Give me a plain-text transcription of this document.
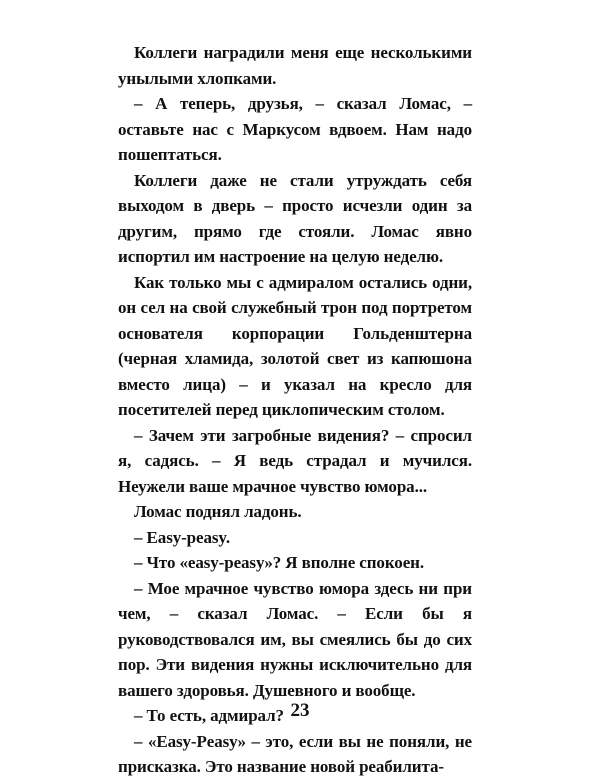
Коллеги наградили меня еще несколькими унылыми хлопками.

– А теперь, друзья, – сказал Ломас, – оставьте нас с Маркусом вдвоем. Нам надо пошептаться.

Коллеги даже не стали утруждать себя выходом в дверь – просто исчезли один за другим, прямо где стояли. Ломас явно испортил им настроение на целую неделю.

Как только мы с адмиралом остались одни, он сел на свой служебный трон под портретом основателя корпорации Гольденштерна (черная хламида, золотой свет из капюшона вместо лица) – и указал на кресло для посетителей перед циклопическим столом.

– Зачем эти загробные видения? – спросил я, садясь. – Я ведь страдал и мучился. Неужели ваше мрачное чувство юмора...

Ломас поднял ладонь.

– Easy-peasy.

– Что «easy-peasy»? Я вполне спокоен.

– Мое мрачное чувство юмора здесь ни при чем, – сказал Ломас. – Если бы я руководствовался им, вы смеялись бы до сих пор. Эти видения нужны исключительно для вашего здоровья. Душевного и вообще.

– То есть, адмирал?

– «Easy-Peasy» – это, если вы не поняли, не присказка. Это название новой реабилита-

23
